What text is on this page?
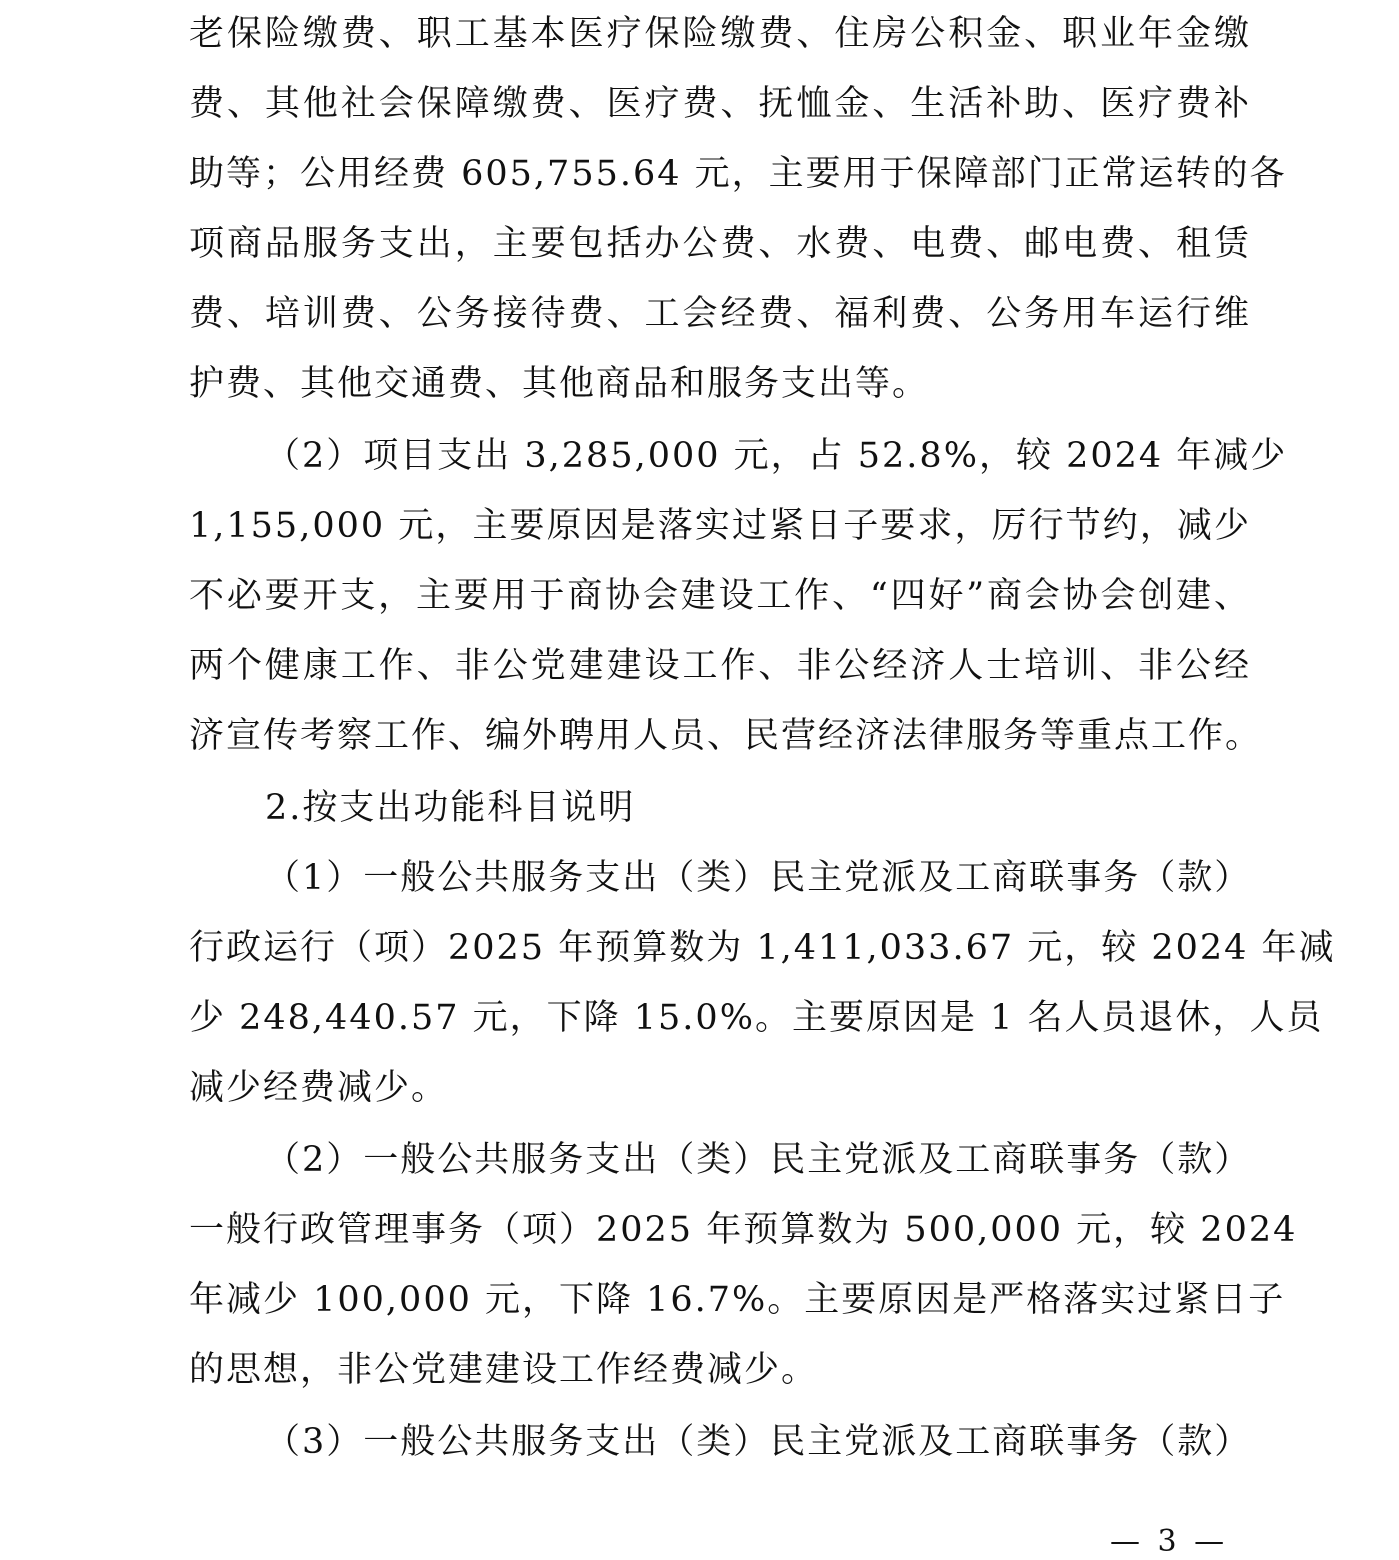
老保险缴费、职工基本医疗保险缴费、住房公积金、职业年金缴
费、其他社会保障缴费、医疗费、抚恤金、生活补助、医疗费补
助等；公用经费 605,755.64 元，主要用于保障部门正常运转的各
项商品服务支出，主要包括办公费、水费、电费、邮电费、租赁
费、培训费、公务接待费、工会经费、福利费、公务用车运行维
护费、其他交通费、其他商品和服务支出等。
（2）项目支出 3,285,000 元，占 52.8%，较 2024 年减少
1,155,000 元，主要原因是落实过紧日子要求，厉行节约，减少
不必要开支，主要用于商协会建设工作、“四好”商会协会创建、
两个健康工作、非公党建建设工作、非公经济人士培训、非公经
济宣传考察工作、编外聘用人员、民营经济法律服务等重点工作。
2.按支出功能科目说明
（1）一般公共服务支出（类）民主党派及工商联事务（款）
行政运行（项）2025 年预算数为 1,411,033.67 元，较 2024 年减
少 248,440.57 元，下降 15.0%。主要原因是 1 名人员退休，人员
减少经费减少。
（2）一般公共服务支出（类）民主党派及工商联事务（款）
一般行政管理事务（项）2025 年预算数为 500,000 元，较 2024
年减少 100,000 元，下降 16.7%。主要原因是严格落实过紧日子
的思想，非公党建建设工作经费减少。
（3）一般公共服务支出（类）民主党派及工商联事务（款）
— 3 —
